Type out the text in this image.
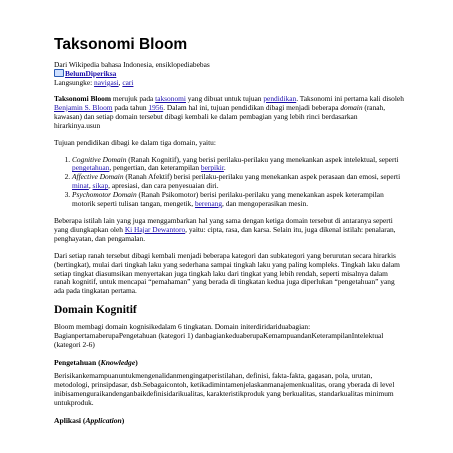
Taksonomi Bloom
Dari Wikipedia bahasa Indonesia, ensiklopediabebas
BelumDiperiksa
Langsungke: navigasi, cari

Taksonomi Bloom merujuk pada taksonomi yang dibuat untuk tujuan pendidikan. Taksonomi ini pertama kali disoleh Benjamin S. Bloom pada tahun 1956. Dalam hal ini, tujuan pendidikan dibagi menjadi beberapa domain (ranah, kawasan) dan setiap domain tersebut dibagi kembali ke dalam pembagian yang lebih rinci berdasarkan hirarkinya.usun

Tujuan pendidikan dibagi ke dalam tiga domain, yaitu:

1. Cognitive Domain (Ranah Kognitif), yang berisi perilaku-perilaku yang menekankan aspek intelektual, seperti pengetahuan, pengertian, dan keterampilan berpikir.
2. Affective Domain (Ranah Afektif) berisi perilaku-perilaku yang menekankan aspek perasaan dan emosi, seperti minat, sikap, apresiasi, dan cara penyesuaian diri.
3. Psychomotor Domain (Ranah Psikomotor) berisi perilaku-perilaku yang menekankan aspek keterampilan motorik seperti tulisan tangan, mengetik, berenang, dan mengoperasikan mesin.

Beberapa istilah lain yang juga menggambarkan hal yang sama dengan ketiga domain tersebut di antaranya seperti yang diungkapkan oleh Ki Hajar Dewantoro, yaitu: cipta, rasa, dan karsa. Selain itu, juga dikenal istilah: penalaran, penghayatan, dan pengamalan.

Dari setiap ranah tersebut dibagi kembali menjadi beberapa kategori dan subkategori yang berurutan secara hirarkis (bertingkat), mulai dari tingkah laku yang sederhana sampai tingkah laku yang paling kompleks. Tingkah laku dalam setiap tingkat diasumsikan menyertakan juga tingkah laku dari tingkat yang lebih rendah, seperti misalnya dalam ranah kognitif, untuk mencapai “pemahaman” yang berada di tingkatan kedua juga diperlukan “pengetahuan” yang ada pada tingkatan pertama.

Domain Kognitif

Bloom membagi domain kognisikedalam 6 tingkatan. Domain initerdiridariduabagian: BagianpertamaberupaPengetahuan (kategori 1) danbagiankeduaberupaKemampuandanKeterampilanIntelektual (kategori 2-6)

Pengetahuan (Knowledge)

Berisikankemampuanuntukmengenalidanmengingatperistilahan, definisi, fakta-fakta, gagasan, pola, urutan, metodologi, prinsipdasar, dsb.Sebagaicontoh, ketikadimintamenjelaskanmanajemenkualitas, orang yberada di level inibisamenguraikandenganbaikdefinisidarikualitas, karakteristikproduk yang berkualitas, standarkualitas minimum untukproduk.

Aplikasi (Application)
